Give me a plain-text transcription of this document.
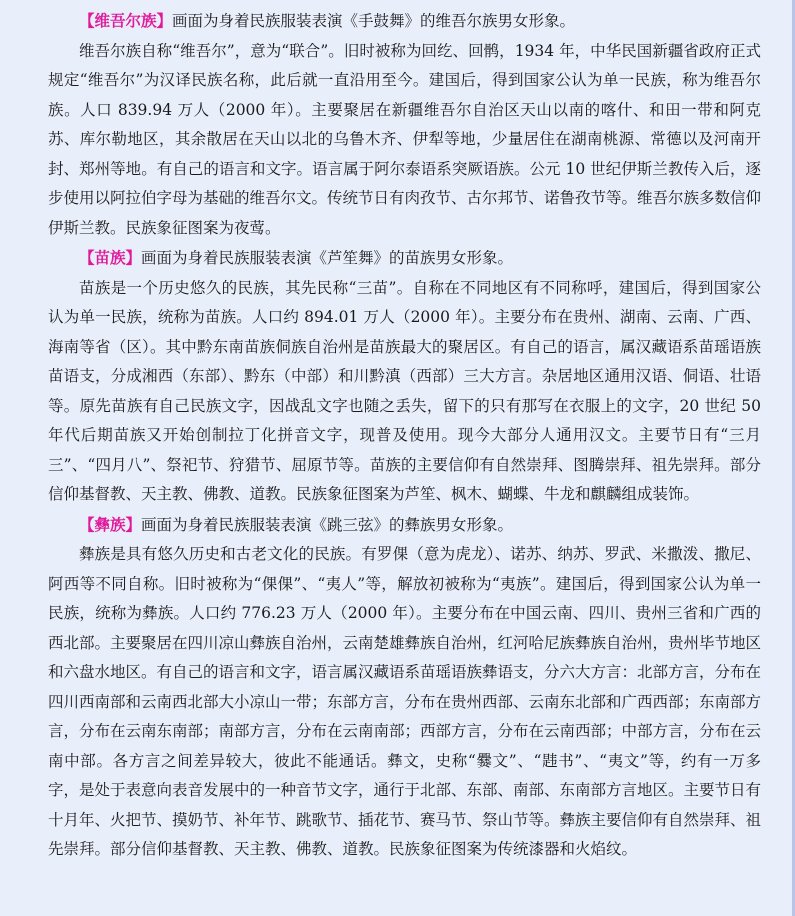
【维吾尔族】画面为身着民族服装表演《手鼓舞》的维吾尔族男女形象。

维吾尔族自称“维吾尔”，意为“联合”。旧时被称为回纥、回鹘，1934 年，中华民国新疆省政府正式规定“维吾尔”为汉译民族名称，此后就一直沿用至今。建国后，得到国家公认为单一民族，称为维吾尔族。人口 839.94 万人（2000 年）。主要聚居在新疆维吾尔自治区天山以南的喀什、和田一带和阿克苏、库尔勒地区，其余散居在天山以北的乌鲁木齐、伊犁等地，少量居住在湖南桃源、常德以及河南开封、郑州等地。有自己的语言和文字。语言属于阿尔泰语系突厥语族。公元 10 世纪伊斯兰教传入后，逐步使用以阿拉伯字母为基础的维吾尔文。传统节日有肉孜节、古尔邦节、诺鲁孜节等。维吾尔族多数信仰伊斯兰教。民族象征图案为夜莺。

【苗族】画面为身着民族服装表演《芦笙舞》的苗族男女形象。

苗族是一个历史悠久的民族，其先民称“三苗”。自称在不同地区有不同称呼，建国后，得到国家公认为单一民族，统称为苗族。人口约 894.01 万人（2000 年）。主要分布在贵州、湖南、云南、广西、海南等省（区）。其中黔东南苗族侗族自治州是苗族最大的聚居区。有自己的语言，属汉藏语系苗瑶语族苗语支，分成湘西（东部）、黔东（中部）和川黔滇（西部）三大方言。杂居地区通用汉语、侗语、壮语等。原先苗族有自己民族文字，因战乱文字也随之丢失，留下的只有那写在衣服上的文字，20 世纪 50 年代后期苗族又开始创制拉丁化拼音文字，现普及使用。现今大部分人通用汉文。主要节日有“三月三”、“四月八”、祭祀节、狩猎节、屈原节等。苗族的主要信仰有自然崇拜、图腾崇拜、祖先崇拜。部分信仰基督教、天主教、佛教、道教。民族象征图案为芦笙、枫木、蝴蝶、牛龙和麒麟组成装饰。

【彝族】画面为身着民族服装表演《跳三弦》的彝族男女形象。

彝族是具有悠久历史和古老文化的民族。有罗倮（意为虎龙）、诺苏、纳苏、罗武、米撒泼、撒尼、阿西等不同自称。旧时被称为“倮倮”、“夷人”等，解放初被称为“夷族”。建国后，得到国家公认为单一民族，统称为彝族。人口约 776.23 万人（2000 年）。主要分布在中国云南、四川、贵州三省和广西的西北部。主要聚居在四川凉山彝族自治州，云南楚雄彝族自治州，红河哈尼族彝族自治州，贵州毕节地区和六盘水地区。有自己的语言和文字，语言属汉藏语系苗瑶语族彝语支，分六大方言：北部方言，分布在四川西南部和云南西北部大小凉山一带；东部方言，分布在贵州西部、云南东北部和广西西部；东南部方言，分布在云南东南部；南部方言，分布在云南南部；西部方言，分布在云南西部；中部方言，分布在云南中部。各方言之间差异较大，彼此不能通话。彝文，史称“爨文”、“韪书”、“夷文”等，约有一万多字，是处于表意向表音发展中的一种音节文字，通行于北部、东部、南部、东南部方言地区。主要节日有十月年、火把节、摸奶节、补年节、跳歌节、插花节、赛马节、祭山节等。彝族主要信仰有自然崇拜、祖先崇拜。部分信仰基督教、天主教、佛教、道教。民族象征图案为传统漆器和火焰纹。
